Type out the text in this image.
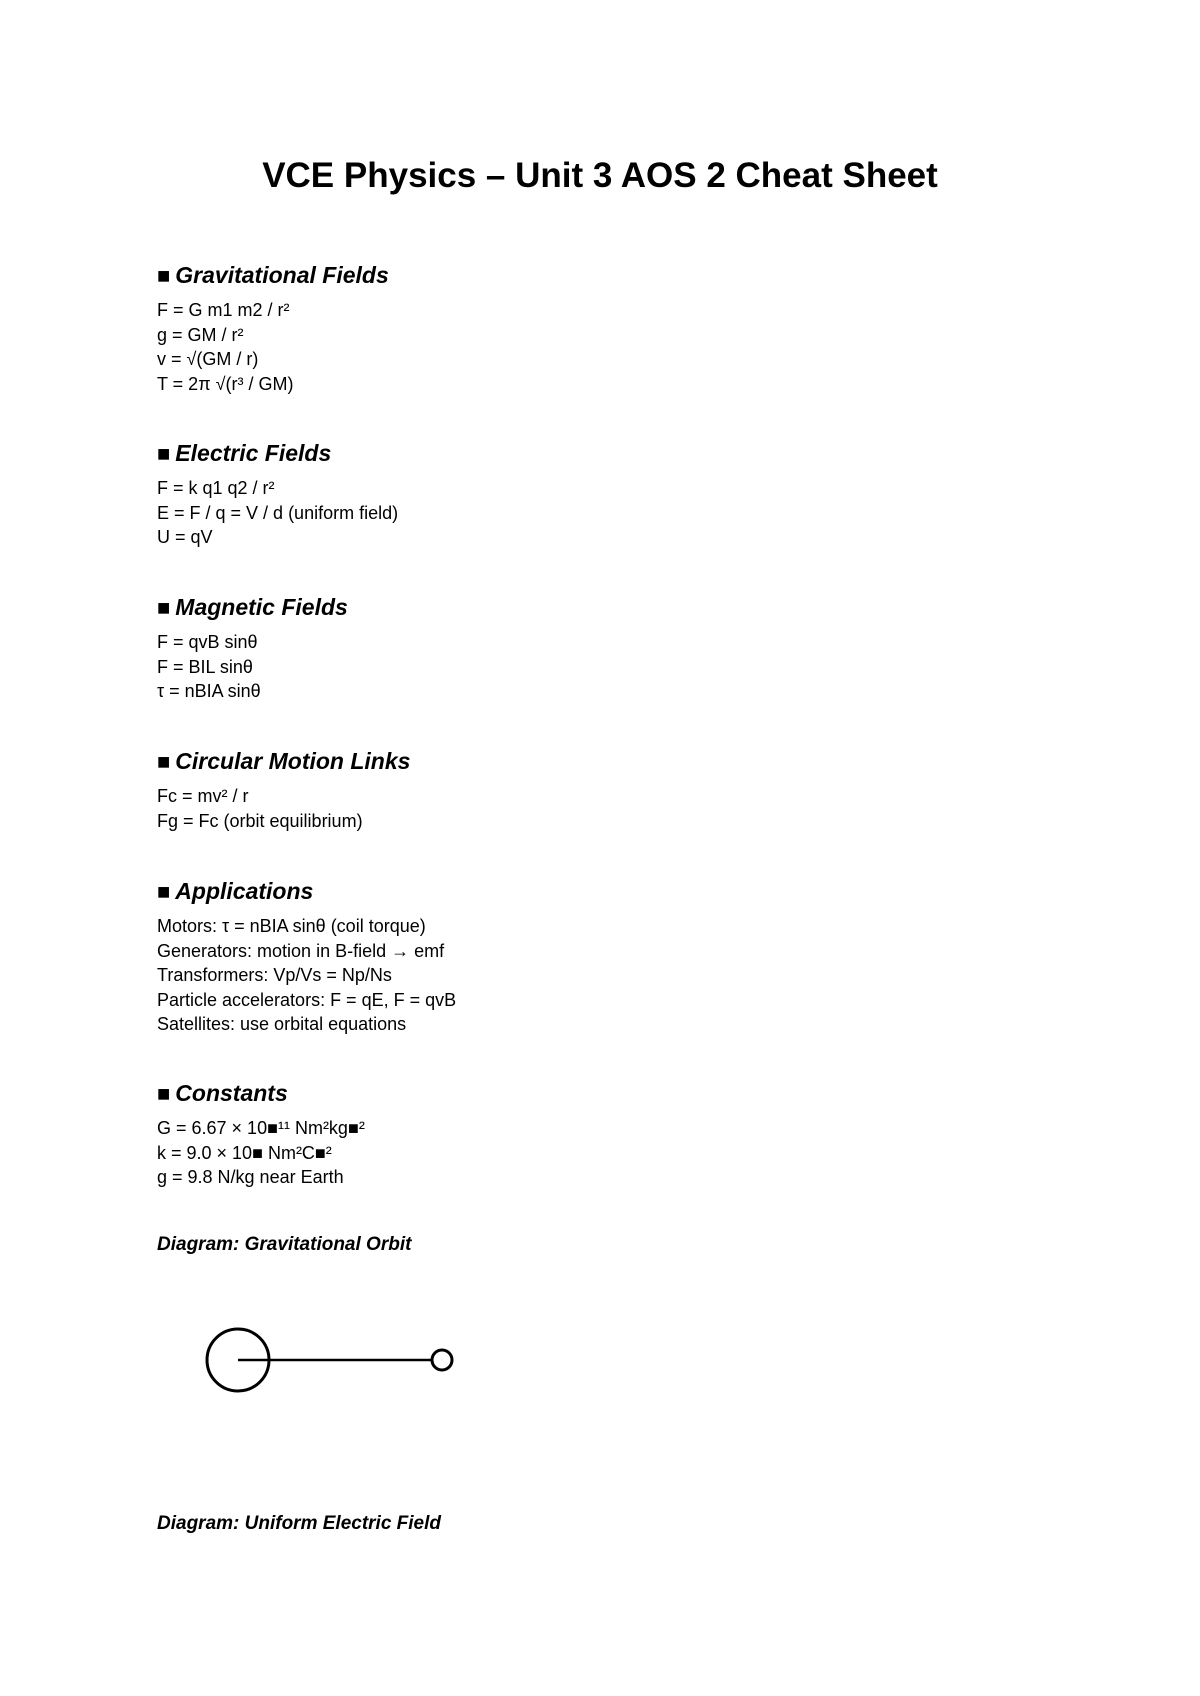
VCE Physics – Unit 3 AOS 2 Cheat Sheet
■ Gravitational Fields

F = G m1 m2 / r²

g = GM / r²

v = √(GM / r)

T = 2π √(r³ / GM)

■ Electric Fields

F = k q1 q2 / r²

E = F / q = V / d (uniform field)

U = qV

■ Magnetic Fields

F = qvB sinθ

F = BIL sinθ

τ = nBIA sinθ

■ Circular Motion Links

Fc = mv² / r

Fg = Fc (orbit equilibrium)

■ Applications

Motors: τ = nBIA sinθ (coil torque)

Generators: motion in B-field → emf

Transformers: Vp/Vs = Np/Ns

Particle accelerators: F = qE, F = qvB

Satellites: use orbital equations

■ Constants

G = 6.67 × 10■¹¹ Nm²kg■²

k = 9.0 × 10■ Nm²C■²

g = 9.8 N/kg near Earth

Diagram: Gravitational Orbit

Diagram: Uniform Electric Field
